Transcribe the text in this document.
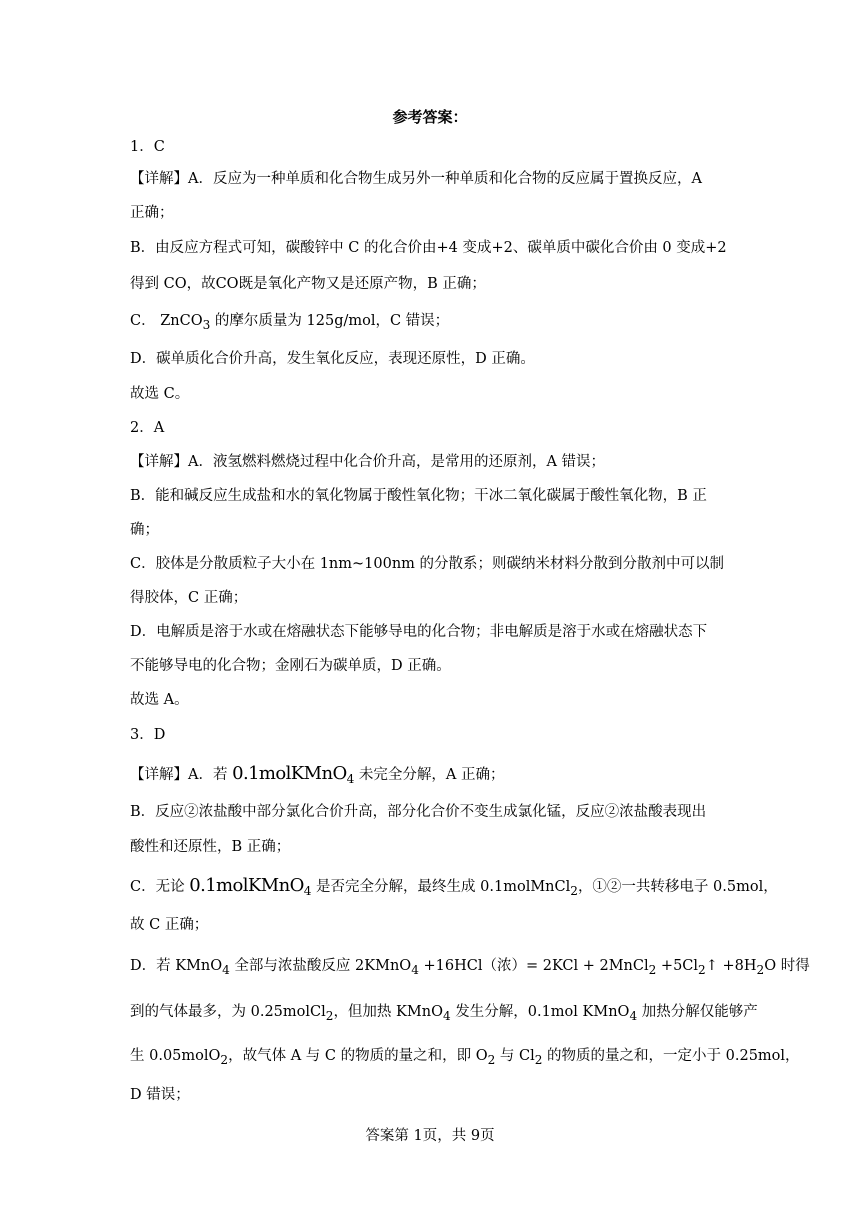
参考答案：
1．C
【详解】A．反应为一种单质和化合物生成另外一种单质和化合物的反应属于置换反应，A
正确；
B．由反应方程式可知，碳酸锌中 C 的化合价由+4 变成+2、碳单质中碳化合价由 0 变成+2
得到 CO，故CO既是氧化产物又是还原产物，B 正确；
C． ZnCO$_3$ 的摩尔质量为 125g/mol，C 错误；
D．碳单质化合价升高，发生氧化反应，表现还原性，D 正确。
故选 C。
2．A
【详解】A．液氢燃料燃烧过程中化合价升高，是常用的还原剂，A 错误；
B．能和碱反应生成盐和水的氧化物属于酸性氧化物；干冰二氧化碳属于酸性氧化物，B 正
确；
C．胶体是分散质粒子大小在 1nm~100nm 的分散系；则碳纳米材料分散到分散剂中可以制
得胶体，C 正确；
D．电解质是溶于水或在熔融状态下能够导电的化合物；非电解质是溶于水或在熔融状态下
不能够导电的化合物；金刚石为碳单质，D 正确。
故选 A。
3．D
【详解】A．若 0.1molKMnO$_4$ 未完全分解，A 正确；
B．反应②浓盐酸中部分氯化合价升高，部分化合价不变生成氯化锰，反应②浓盐酸表现出
酸性和还原性，B 正确；
C．无论 0.1molKMnO$_4$ 是否完全分解，最终生成 0.1molMnCl$_2$，①②一共转移电子 0.5mol，
故 C 正确；
D．若 KMnO$_4$ 全部与浓盐酸反应 2KMnO$_4$ +16HCl（浓）= 2KCl + 2MnCl$_2$ $+5Cl_2↑ +8H_2O$ 时得
到的气体最多，为 0.25molCl$_2$，但加热 KMnO$_4$ 发生分解，0.1mol KMnO$_4$ 加热分解仅能够产
生 0.05molO$_2$，故气体 A 与 C 的物质的量之和，即 $O_2$ 与 $Cl_2$ 的物质的量之和，一定小于 0.25mol，
D 错误；
答案第 1页，共 9页
